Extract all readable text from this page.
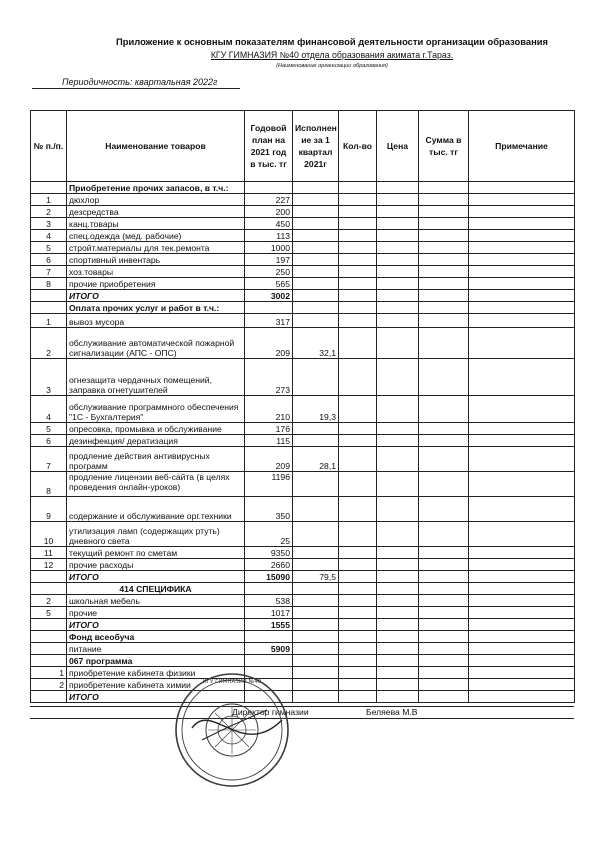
Приложение к основным показателям финансовой деятельности организации образования
КГУ ГИМНАЗИЯ №40 отдела образования акимата г.Тараз.
(Наименование организации образования)
Периодичность: квартальная 2022г
№ п./п.	Наименование товаров	Годовой план на 2021 год в тыс. тг	Исполнен ие за 1 квартал 2021г	Кол-во	Цена	Сумма в тыс. тг	Примечание
	Приобретение прочих запасов, в т.ч.:						
1	дюхлор	227					
2	дезсредства	200					
3	канц.товары	450					
4	спец.одежда (мед. рабочие)	113					
5	стройт.материалы для тек.ремонта	1000					
6	спортивный инвентарь	197					
7	хоз.товары	250					
8	прочие приобретения	565					
	ИТОГО	3002					
	Оплата прочих услуг и работ в т.ч.:						
1	вывоз мусора	317					
2	обслуживание автоматической пожарной сигнализации (АПС - ОПС)	209	32,1				
3	огнезащита чердачных помещений, заправка огнетушителей	273					
4	обслуживание программного обеспечения "1С - Бухгалтерия"	210	19,3				
5	опресовка, промывка и обслуживание	176					
6	дезинфекция/ дератизация	115					
7	продление действия антивирусных программ	209	28,1				
8	продление лицензии веб-сайта (в целях проведения онлайн-уроков)	1196					
9	содержание и обслуживание орг.техники	350					
10	утилизация ламп (содержащих ртуть) дневного света	25					
11	текущий ремонт по сметам	9350					
12	прочие расходы	2660					
	ИТОГО	15090	79,5				
	414 СПЕЦИФИКА						
2	школьная мебель	538					
5	прочие	1017					
	ИТОГО	1555					
	Фонд всеобуча						
	питание	5909					
	067 программа						
1	приобретение кабинета физики						
2	приобретение кабинета химии						
	ИТОГО						
Директор гимназии	Беляева М.В
КГУ ГИМНАЗИЯ №40
